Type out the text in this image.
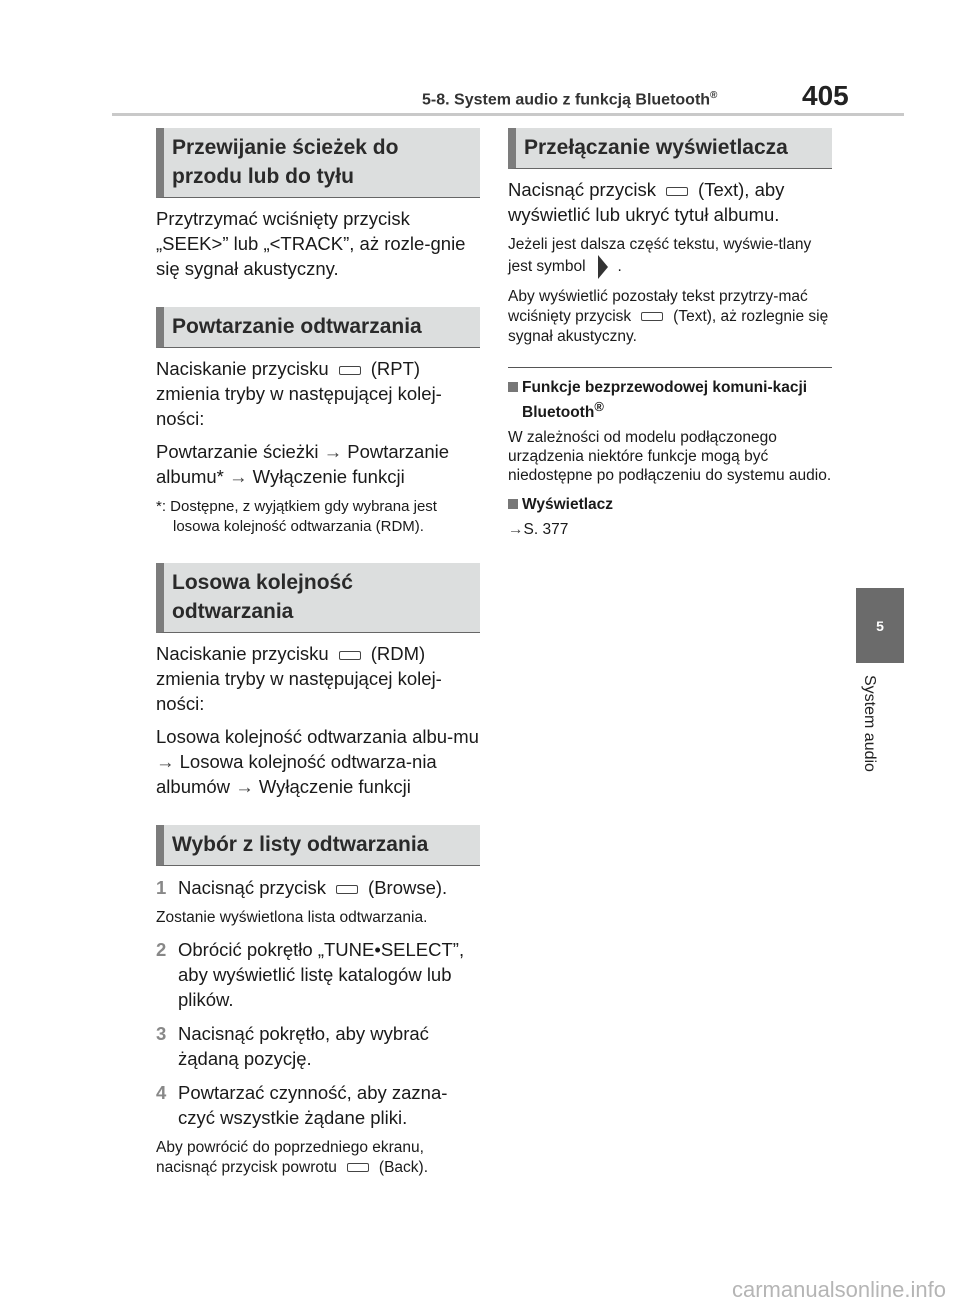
5-8. System audio z funkcją Bluetooth®	405
5
System audio
Przewijanie ścieżek do przodu lub do tyłu

Przytrzymać wciśnięty przycisk „SEEK>” lub „<TRACK”, aż rozle-gnie się sygnał akustyczny.

Powtarzanie odtwarzania

Naciskanie przycisku (RPT) zmienia tryby w następującej kolej-ności:

Powtarzanie ścieżki → Powtarzanie albumu* → Wyłączenie funkcji

*: Dostępne, z wyjątkiem gdy wybrana jest losowa kolejność odtwarzania (RDM).

Losowa kolejność odtwarzania

Naciskanie przycisku (RDM) zmienia tryby w następującej kolej-ności:

Losowa kolejność odtwarzania albu-mu → Losowa kolejność odtwarza-nia albumów → Wyłączenie funkcji

Wybór z listy odtwarzania
1 Nacisnąć przycisk (Browse).

Zostanie wyświetlona lista odtwarzania.

2 Obrócić pokrętło „TUNE•SELECT”, aby wyświetlić listę katalogów lub plików.
3 Nacisnąć pokrętło, aby wybrać żądaną pozycję.
4 Powtarzać czynność, aby zazna-czyć wszystkie żądane pliki.

Aby powrócić do poprzedniego ekranu, nacisnąć przycisk powrotu	(Back).

Przełączanie wyświetlacza

Nacisnąć przycisk (Text), aby wyświetlić lub ukryć tytuł albumu.

Jeżeli jest dalsza część tekstu, wyświe-tlany jest symbol .

Aby wyświetlić pozostały tekst przytrzy-mać wciśnięty przycisk	(Text), aż rozlegnie się sygnał akustyczny.

Funkcje bezprzewodowej komuni-kacji Bluetooth®

W zależności od modelu podłączonego urządzenia niektóre funkcje mogą być niedostępne po podłączeniu do systemu audio.

Wyświetlacz

→S. 377

carmanualsonline.info
